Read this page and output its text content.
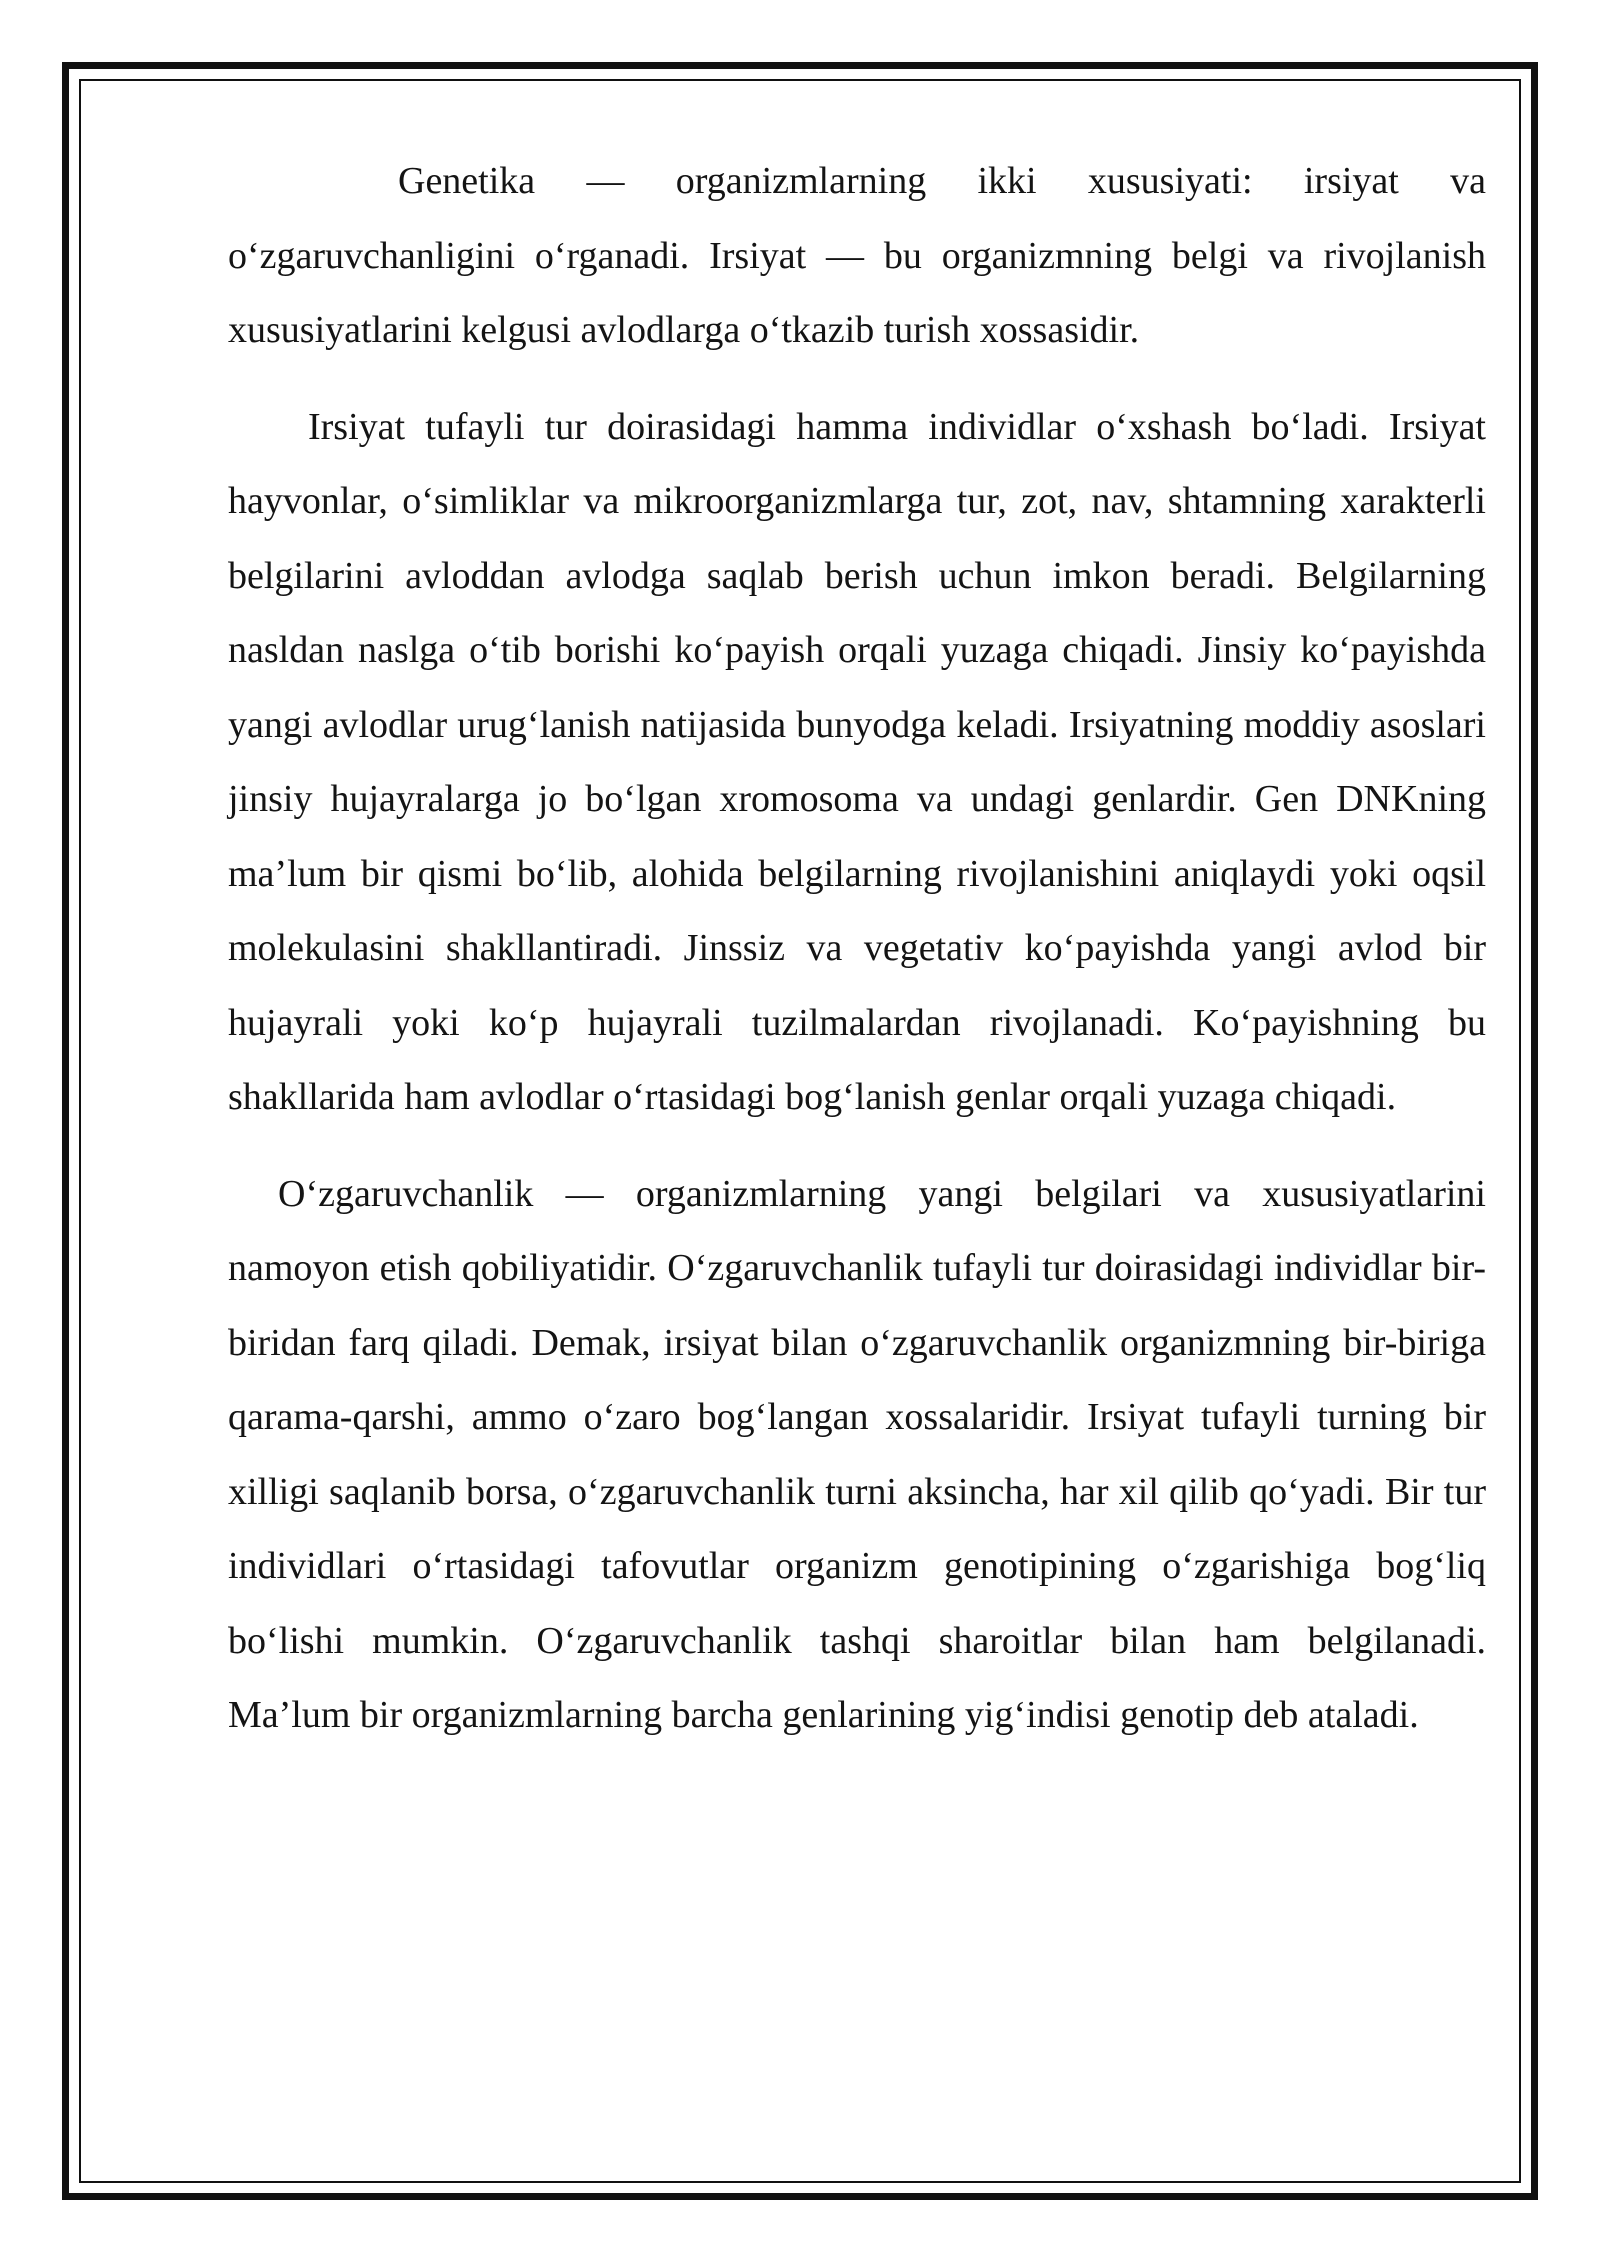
Genetika — organizmlarning ikki xususiyati: irsiyat va o‘zgaruvchanligini o‘rganadi. Irsiyat — bu organizmning belgi va rivojlanish xususiyatlarini kelgusi avlodlarga o‘tkazib turish xossasidir.

Irsiyat tufayli tur doirasidagi hamma individlar o‘xshash bo‘ladi. Irsiyat hayvonlar, o‘simliklar va mikroorganizmlarga tur, zot, nav, shtamning xarakterli belgilarini avloddan avlodga saqlab berish uchun imkon beradi. Belgilarning nasldan naslga o‘tib borishi ko‘payish orqali yuzaga chiqadi. Jinsiy ko‘payishda yangi avlodlar urug‘lanish natijasida bunyodga keladi. Irsiyatning moddiy asoslari jinsiy hujayralarga jo bo‘lgan xromosoma va undagi genlardir. Gen DNKning ma’lum bir qismi bo‘lib, alohida belgilarning rivojlanishini aniqlaydi yoki oqsil molekulasini shakllantiradi. Jinssiz va vegetativ ko‘payishda yangi avlod bir hujayrali yoki ko‘p hujayrali tuzilmalardan rivojlanadi. Ko‘payishning bu shakllarida ham avlodlar o‘rtasidagi bog‘lanish genlar orqali yuzaga chiqadi.

O‘zgaruvchanlik — organizmlarning yangi belgilari va xususiyatlarini namoyon etish qobiliyatidir. O‘zgaruvchanlik tufayli tur doirasidagi individlar bir-biridan farq qiladi. Demak, irsiyat bilan o‘zgaruvchanlik organizmning bir-biriga qarama-qarshi, ammo o‘zaro bog‘langan xossalaridir. Irsiyat tufayli turning bir xilligi saqlanib borsa, o‘zgaruvchanlik turni aksincha, har xil qilib qo‘yadi. Bir tur individlari o‘rtasidagi tafovutlar organizm genotipining o‘zgarishiga bog‘liq bo‘lishi mumkin. O‘zgaruvchanlik tashqi sharoitlar bilan ham belgilanadi. Ma’lum bir organizmlarning barcha genlarining yig‘indisi genotip deb ataladi.
